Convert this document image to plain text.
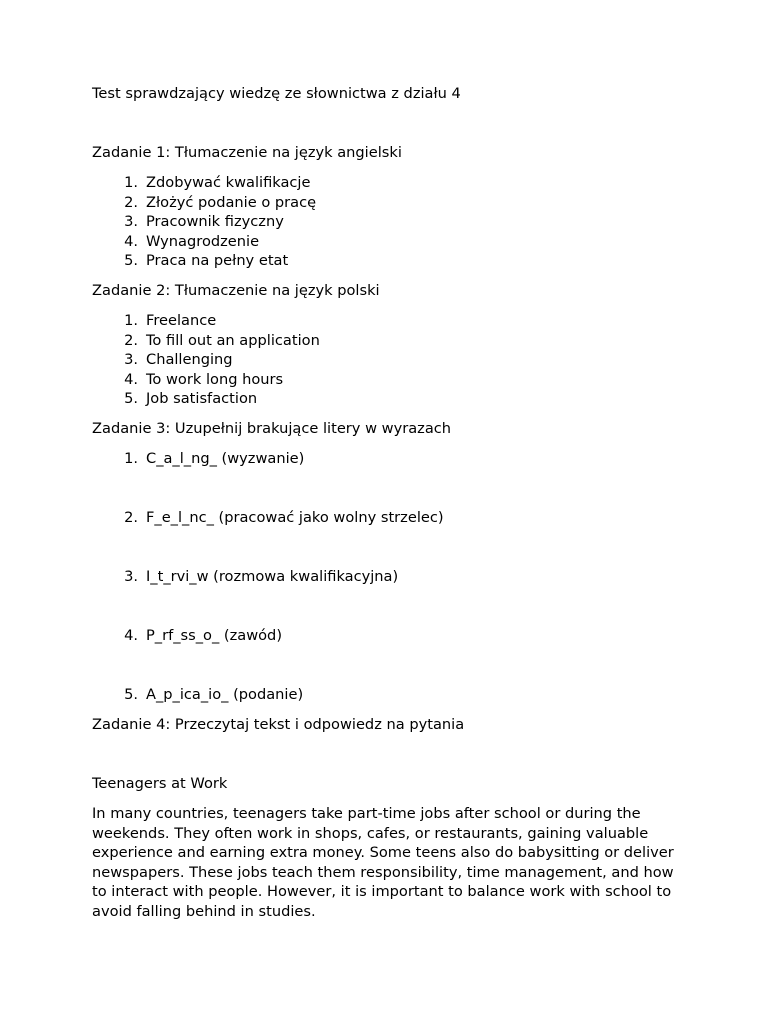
Test sprawdzający wiedzę ze słownictwa z działu 4

Zadanie 1: Tłumaczenie na język angielski

1. Zdobywać kwalifikacje
2. Złożyć podanie o pracę
3. Pracownik fizyczny
4. Wynagrodzenie
5. Praca na pełny etat

Zadanie 2: Tłumaczenie na język polski

1. Freelance
2. To fill out an application
3. Challenging
4. To work long hours
5. Job satisfaction

Zadanie 3: Uzupełnij brakujące litery w wyrazach

1. C_a_l_ng_ (wyzwanie)
2. F_e_l_nc_ (pracować jako wolny strzelec)
3. I_t_rvi_w (rozmowa kwalifikacyjna)
4. P_rf_ss_o_ (zawód)
5. A_p_ica_io_ (podanie)

Zadanie 4: Przeczytaj tekst i odpowiedz na pytania

Teenagers at Work

In many countries, teenagers take part-time jobs after school or during the weekends. They often work in shops, cafes, or restaurants, gaining valuable experience and earning extra money. Some teens also do babysitting or deliver newspapers. These jobs teach them responsibility, time management, and how to interact with people. However, it is important to balance work with school to avoid falling behind in studies.
